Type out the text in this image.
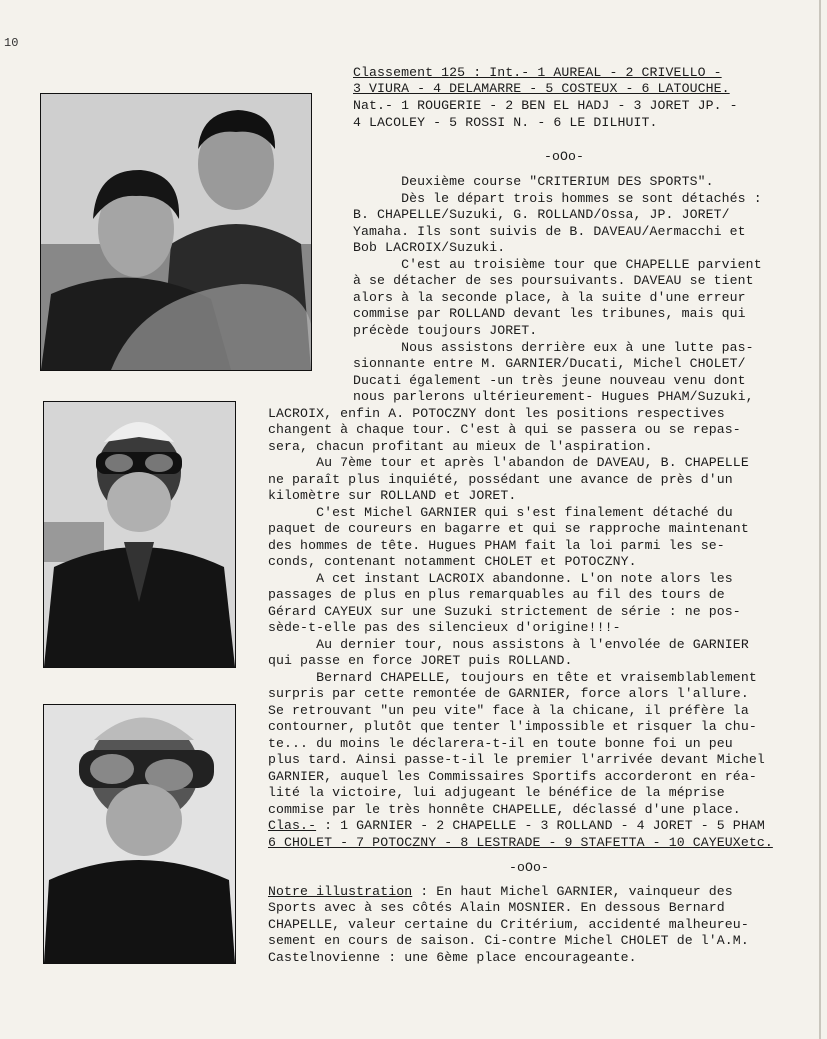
10
Classement 125 : Int.- 1 AUREAL - 2 CRIVELLO -
3 VIURA - 4 DELAMARRE - 5 COSTEUX - 6 LATOUCHE.
Nat.- 1 ROUGERIE - 2 BEN EL HADJ - 3 JORET JP. -
4 LACOLEY - 5 ROSSI N. - 6 LE DILHUIT.
-oOo-
Deuxième course "CRITERIUM DES SPORTS".
Dès le départ trois hommes se sont détachés :
B. CHAPELLE/Suzuki, G. ROLLAND/Ossa, JP. JORET/
Yamaha. Ils sont suivis de B. DAVEAU/Aermacchi et
Bob LACROIX/Suzuki.
C'est au troisième tour que CHAPELLE parvient
à se détacher de ses poursuivants. DAVEAU se tient
alors à la seconde place, à la suite d'une erreur
commise par ROLLAND devant les tribunes, mais qui
précède toujours JORET.
Nous assistons derrière eux à une lutte pas-
sionnante entre M. GARNIER/Ducati, Michel CHOLET/
Ducati également -un très jeune nouveau venu dont
nous parlerons ultérieurement- Hugues PHAM/Suzuki,
LACROIX, enfin A. POTOCZNY dont les positions respectives
changent à chaque tour. C'est à qui se passera ou se repas-
sera, chacun profitant au mieux de l'aspiration.
Au 7ème tour et après l'abandon de DAVEAU, B. CHAPELLE
ne paraît plus inquiété, possédant une avance de près d'un
kilomètre sur ROLLAND et JORET.
C'est Michel GARNIER qui s'est finalement détaché du
paquet de coureurs en bagarre et qui se rapproche maintenant
des hommes de tête. Hugues PHAM fait la loi parmi les se-
conds, contenant notamment CHOLET et POTOCZNY.
A cet instant LACROIX abandonne. L'on note alors les
passages de plus en plus remarquables au fil des tours de
Gérard CAYEUX sur une Suzuki strictement de série : ne pos-
sède-t-elle pas des silencieux d'origine!!!-
Au dernier tour, nous assistons à l'envolée de GARNIER
qui passe en force JORET puis ROLLAND.
Bernard CHAPELLE, toujours en tête et vraisemblablement
surpris par cette remontée de GARNIER, force alors l'allure.
Se retrouvant "un peu vite" face à la chicane, il préfère la
contourner, plutôt que tenter l'impossible et risquer la chu-
te... du moins le déclarera-t-il en toute bonne foi un peu
plus tard. Ainsi passe-t-il le premier l'arrivée devant Michel
GARNIER, auquel les Commissaires Sportifs accorderont en réa-
lité la victoire, lui adjugeant le bénéfice de la méprise
commise par le très honnête CHAPELLE, déclassé d'une place.
Clas.- : 1 GARNIER - 2 CHAPELLE - 3 ROLLAND - 4 JORET - 5 PHAM
6 CHOLET - 7 POTOCZNY - 8 LESTRADE - 9 STAFETTA - 10 CAYEUXetc.
-oOo-
Notre illustration : En haut Michel GARNIER, vainqueur des
Sports avec à ses côtés Alain MOSNIER. En dessous Bernard
CHAPELLE, valeur certaine du Critérium, accidenté malheureu-
sement en cours de saison. Ci-contre Michel CHOLET de l'A.M.
Castelnovienne : une 6ème place encourageante.
